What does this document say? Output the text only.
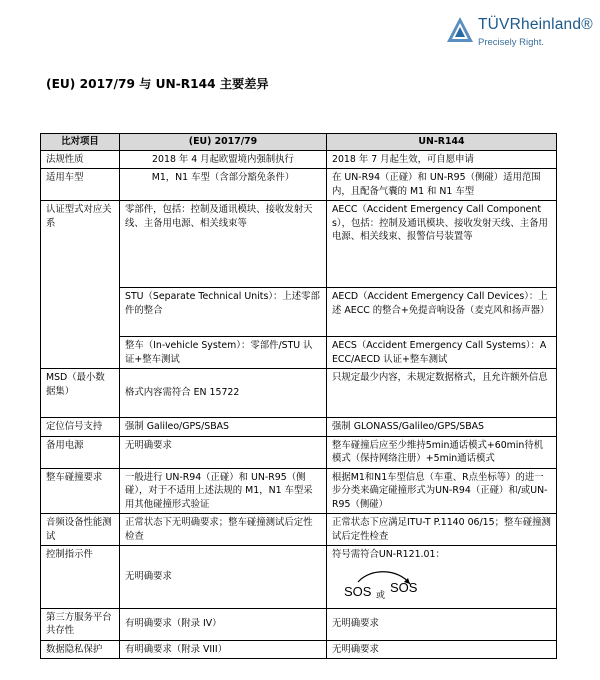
TÜVRheinland®
Precisely Right.
(EU) 2017/79 与 UN-R144 主要差异
比对项目	(EU) 2017/79	UN-R144
法规性质	2018 年 4 月起欧盟境内强制执行	2018 年 7 月起生效，可自愿申请
适用车型	M1，N1 车型（含部分豁免条件）	在 UN-R94（正碰）和 UN-R95（侧碰）适用范围内，且配备气囊的 M1 和 N1 车型
认证型式对应关系	零部件，包括：控制及通讯模块、接收发射天线、主备用电源、相关线束等	AECC（Accident Emergency Call Components），包括：控制及通讯模块、接收发射天线、主备用电源、相关线束、报警信号装置等
	STU（Separate Technical Units）：上述零部件的整合	AECD（Accident Emergency Call Devices）：上述 AECC 的整合+免提音响设备（麦克风和扬声器）
	整车（In-vehicle System）：零部件/STU 认证+整车测试	AECS（Accident Emergency Call Systems）：AECC/AECD 认证+整车测试
MSD（最小数据集）	格式内容需符合 EN 15722	只规定最少内容，未规定数据格式，且允许额外信息
定位信号支持	强制 Galileo/GPS/SBAS	强制 GLONASS/Galileo/GPS/SBAS
备用电源	无明确要求	整车碰撞后应至少维持5min通话模式+60min待机模式（保持网络注册）+5min通话模式
整车碰撞要求	一般进行 UN-R94（正碰）和 UN-R95（侧碰），对于不适用上述法规的 M1，N1 车型采用其他碰撞形式验证	根据M1和N1车型信息（车重、R点坐标等）的进一步分类来确定碰撞形式为UN-R94（正碰）和/或UN-R95（侧碰）
音频设备性能测试	正常状态下无明确要求；整车碰撞测试后定性检查	正常状态下应满足ITU-T P.1140 06/15；整车碰撞测试后定性检查
控制指示件	无明确要求	符号需符合UN-R121.01：
SOS 或
SOS

第三方服务平台共存性	有明确要求（附录 IV）	无明确要求
数据隐私保护	有明确要求（附录 VIII）	无明确要求
